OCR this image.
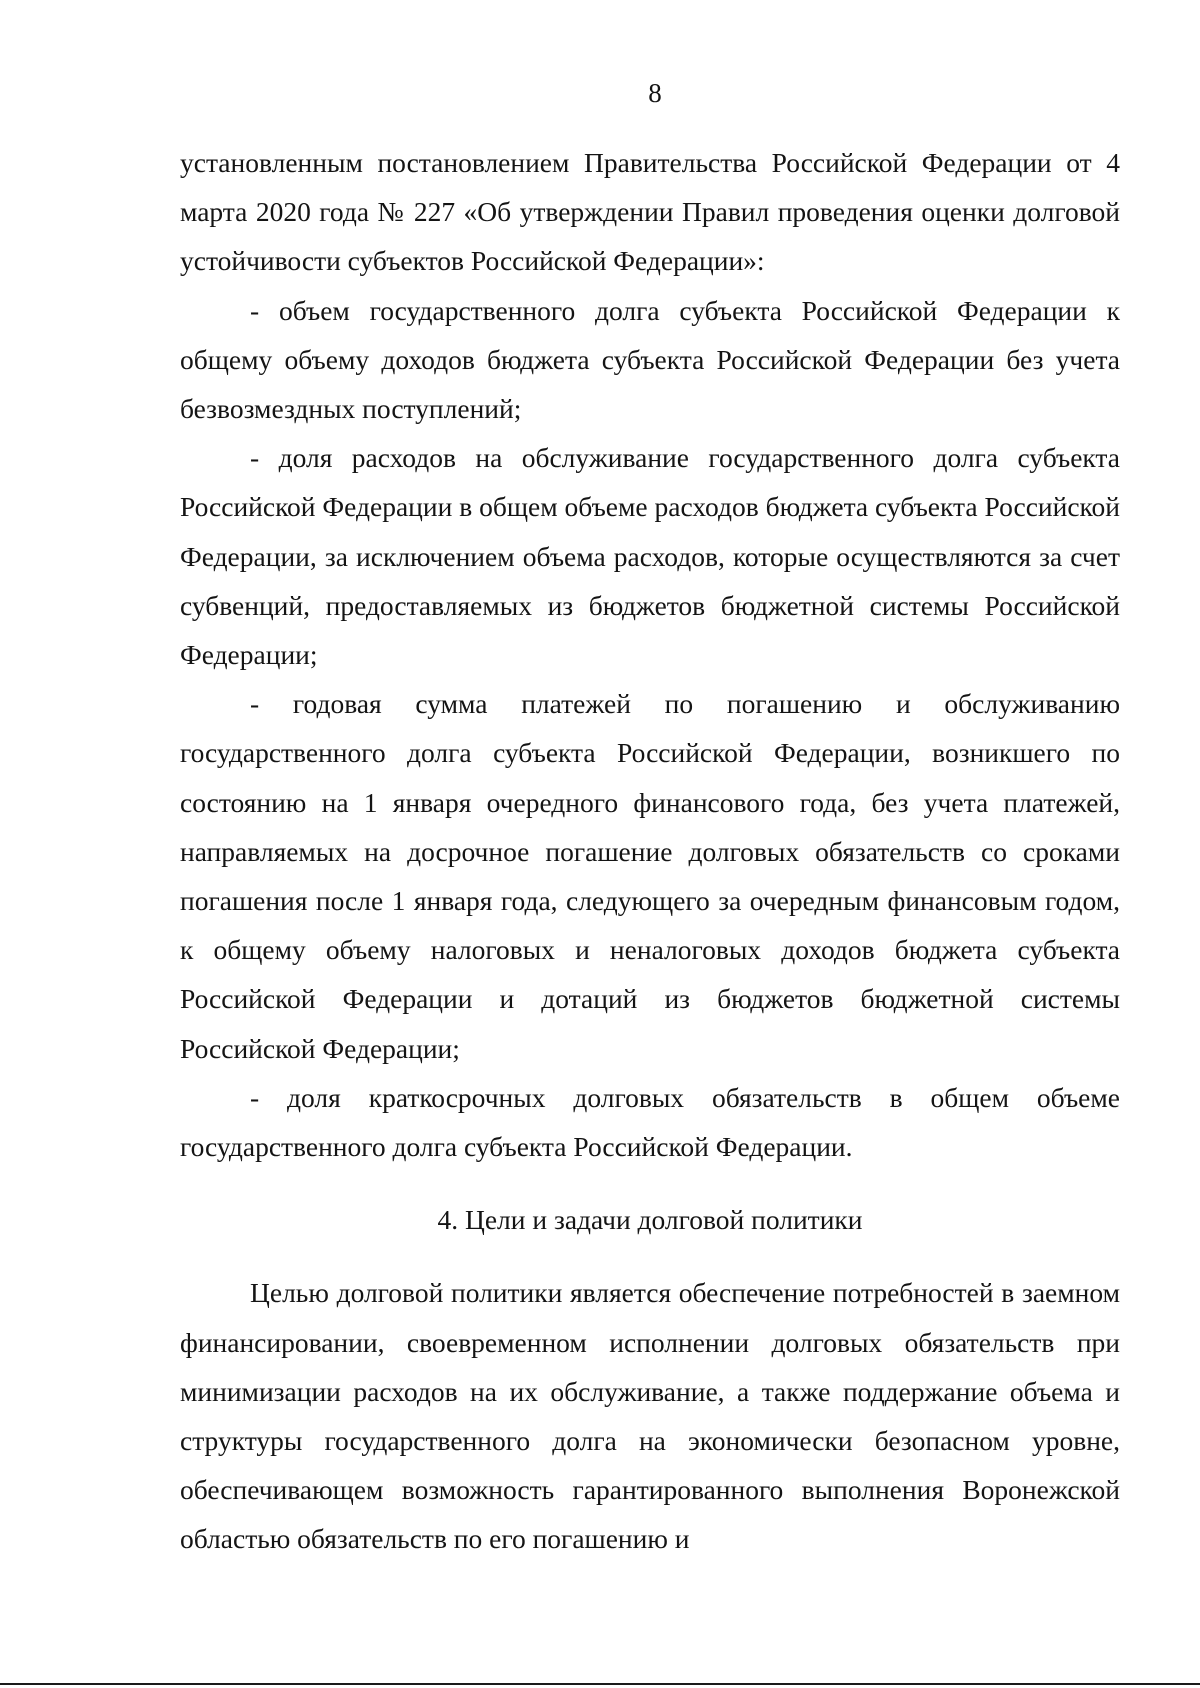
8

установленным постановлением Правительства Российской Федерации от 4 марта 2020 года № 227 «Об утверждении Правил проведения оценки долговой устойчивости субъектов Российской Федерации»:

- объем государственного долга субъекта Российской Федерации к общему объему доходов бюджета субъекта Российской Федерации без учета безвозмездных поступлений;

- доля расходов на обслуживание государственного долга субъекта Российской Федерации в общем объеме расходов бюджета субъекта Российской Федерации, за исключением объема расходов, которые осуществляются за счет субвенций, предоставляемых из бюджетов бюджетной системы Российской Федерации;

- годовая сумма платежей по погашению и обслуживанию государственного долга субъекта Российской Федерации, возникшего по состоянию на 1 января очередного финансового года, без учета платежей, направляемых на досрочное погашение долговых обязательств со сроками погашения после 1 января года, следующего за очередным финансовым годом, к общему объему налоговых и неналоговых доходов бюджета субъекта Российской Федерации и дотаций из бюджетов бюджетной системы Российской Федерации;

- доля краткосрочных долговых обязательств в общем объеме государственного долга субъекта Российской Федерации.

4. Цели и задачи долговой политики

Целью долговой политики является обеспечение потребностей в заемном финансировании, своевременном исполнении долговых обязательств при минимизации расходов на их обслуживание, а также поддержание объема и структуры государственного долга на экономически безопасном уровне, обеспечивающем возможность гарантированного выполнения Воронежской областью обязательств по его погашению и
